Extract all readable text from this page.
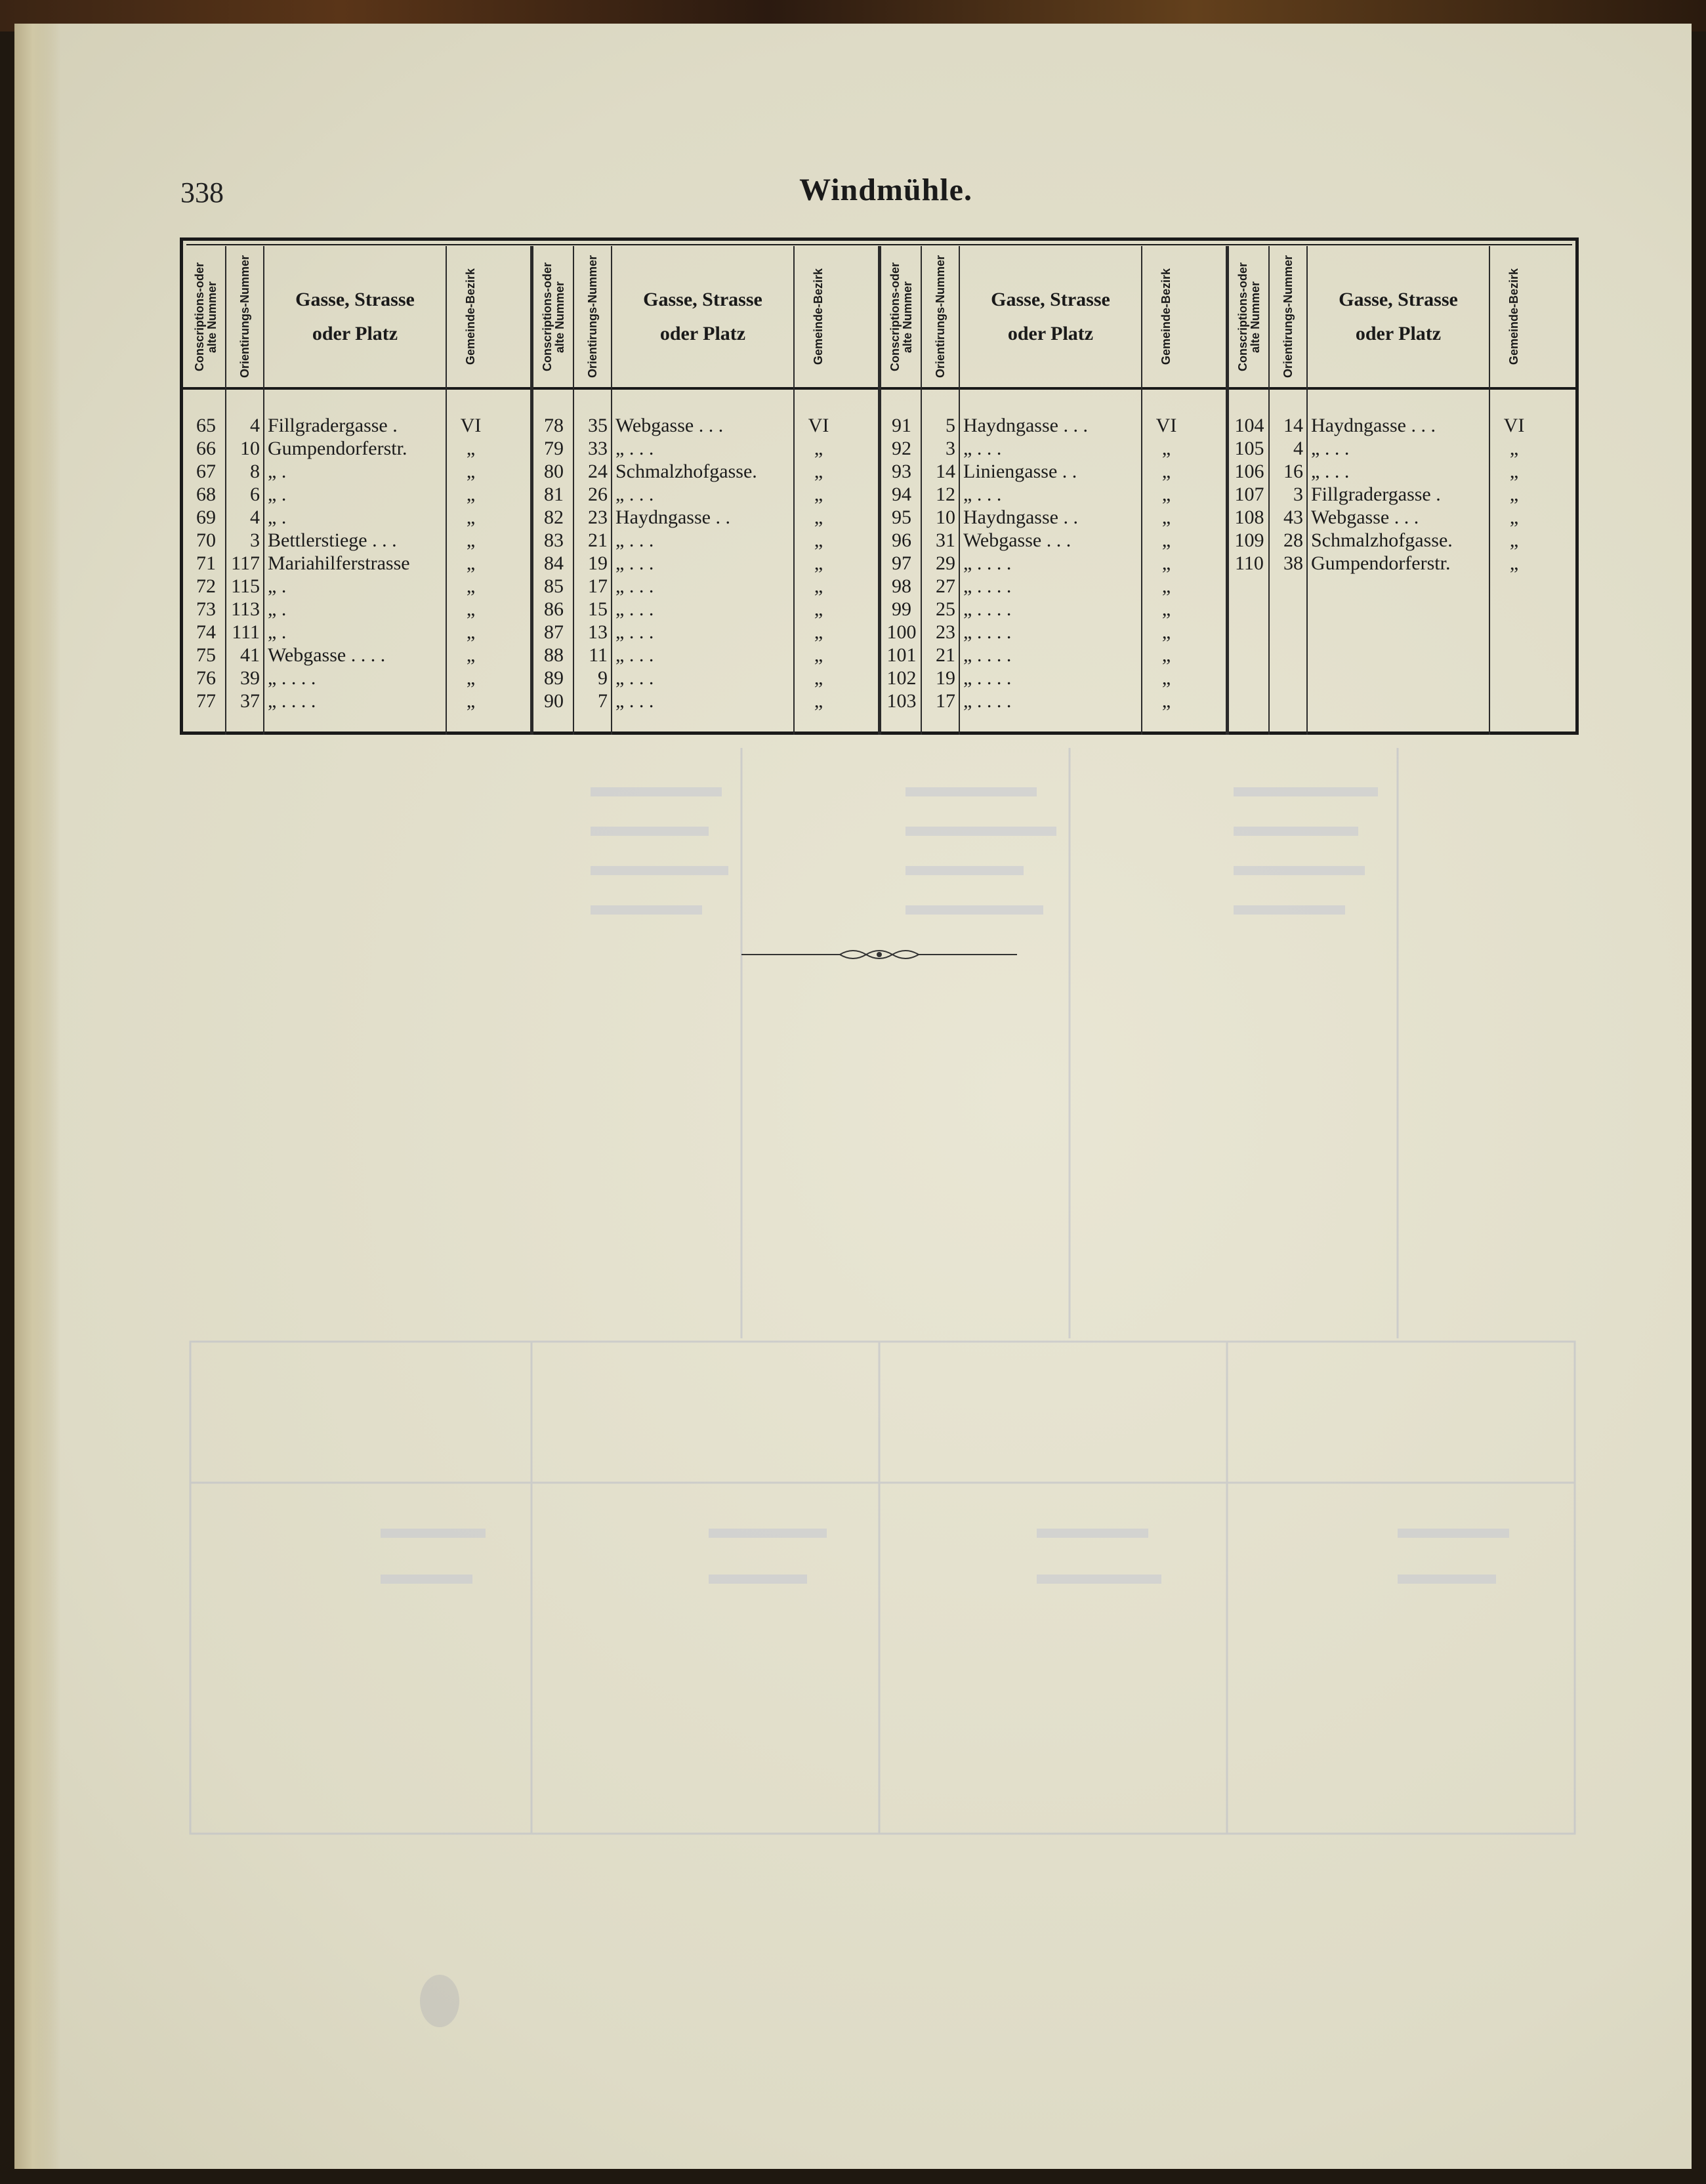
338	Windmühle.
Conscriptions-oder alte Nummer Orientirungs-Nummer	Gasse, Strasse oder Platz	Gemeinde-Bezirk
65	4 Fillgradergasse .	VI
66	10 Gumpendorferstr.	„
67	8 „ .	„
68	6 „ .	„
69	4 „ .	„
70	3 Bettlerstiege . . .	„
71 117 Mariahilferstrasse	„
72 115 „ .	„
73 113 „ .	„
74 111 „ .	„
75	41 Webgasse . . . .	„
76	39 „ . . . .	„
77	37 „ . . . .	„
Conscriptions-oder alte Nummer Orientirungs-Nummer	Gasse, Strasse oder Platz	Gemeinde-Bezirk
78	35 Webgasse . . .	VI
79	33 „ . . .	„
80	24 Schmalzhofgasse.	„
81	26 „ . . .	„
82	23 Haydngasse . .	„
83	21 „ . . .	„
84	19 „ . . .	„
85	17 „ . . .	„
86	15 „ . . .	„
87	13 „ . . .	„
88	11 „ . . .	„
89	9 „ . . .	„
90	7 „ . . .	„
Conscriptions-oder alte Nummer Orientirungs-Nummer	Gasse, Strasse oder Platz	Gemeinde-Bezirk
91	5 Haydngasse . . .	VI
92	3 „ . . .	„
93	14 Liniengasse . .	„
94	12 „ . . .	„
95	10 Haydngasse . .	„
96	31 Webgasse . . .	„
97	29 „ . . . .	„
98	27 „ . . . .	„
99	25 „ . . . .	„
100 23 „ . . . .	„
101 21 „ . . . .	„
102 19 „ . . . .	„
103 17 „ . . . .	„
Conscriptions-oder alte Nummer Orientirungs-Nummer	Gasse, Strasse oder Platz	Gemeinde-Bezirk
104 14 Haydngasse . . .	VI
105	4 „ . . .	„
106 16 „ . . .	„
107	3 Fillgradergasse .	„
108 43 Webgasse . . .	„
109 28 Schmalzhofgasse.	„
110	38 Gumpendorferstr.	„
